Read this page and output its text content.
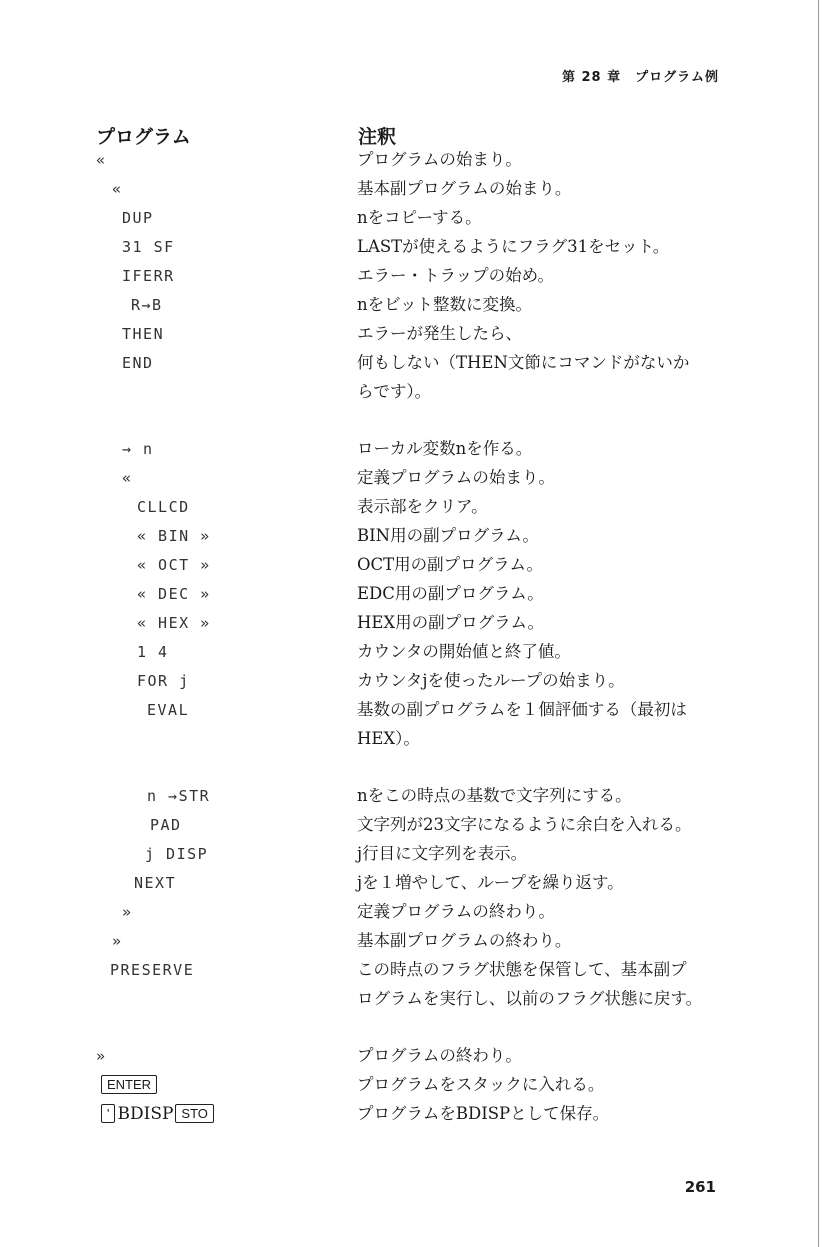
第 28 章　プログラム例
プログラム	注釈
«	プログラムの始まり。
«	基本副プログラムの始まり。
DUP	nをコピーする。
31 SF	LASTが使えるようにフラグ31をセット。
IFERR	エラー・トラップの始め。
R→B	nをビット整数に変換。
THEN	エラーが発生したら、
END	何もしない（THEN文節にコマンドがないからです）。
→ n	ローカル変数nを作る。
«	定義プログラムの始まり。
CLLCD	表示部をクリア。
« BIN »	BIN用の副プログラム。
« OCT »	OCT用の副プログラム。
« DEC »	EDC用の副プログラム。
« HEX »	HEX用の副プログラム。
1 4	カウンタの開始値と終了値。
FOR j	カウンタjを使ったループの始まり。
EVAL	基数の副プログラムを１個評価する（最初はHEX）。
n →STR	nをこの時点の基数で文字列にする。
PAD	文字列が23文字になるように余白を入れる。
j DISP	j行目に文字列を表示。
NEXT	jを１増やして、ループを繰り返す。
»	定義プログラムの終わり。
»	基本副プログラムの終わり。
PRESERVE	この時点のフラグ状態を保管して、基本副プログラムを実行し、以前のフラグ状態に戻す。
»	プログラムの終わり。
ENTER	プログラムをスタックに入れる。
' BDISP STO	プログラムをBDISPとして保存。
261
